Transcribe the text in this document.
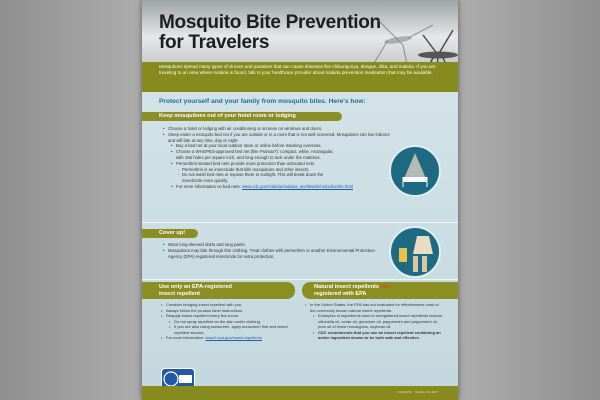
Mosquito Bite Prevention
for Travelers
Mosquitoes spread many types of viruses and parasites that can cause diseases like chikungunya, dengue, Zika, and malaria. If you are traveling to an area where malaria is found, talk to your healthcare provider about malaria prevention medication that may be available.
Protect yourself and your family from mosquito bites. Here's how:
Keep mosquitoes out of your hotel room or lodging
• Choose a hotel or lodging with air conditioning or screens on windows and doors.
• Sleep under a mosquito bed net if you are outside or in a room that is not well screened. Mosquitoes can live indoors and will bite at any time, day or night.
• Buy a bed net at your local outdoor store or online before traveling overseas.
• Choose a WHOPES-approved bed net (like Pramax*): compact, white, rectangular, with 156 holes per square inch, and long enough to tuck under the mattress.
• Permethrin-treated bed nets provide more protection than untreated nets.
- Permethrin is an insecticide that kills mosquitoes and other insects.
- Do not wash bed nets or expose them to sunlight. This will break down the insecticide more quickly.
• For more information on bed nets: www.cdc.gov/malaria/malaria_worldwide/reduction/itn.html
Cover up!
• Wear long-sleeved shirts and long pants.
• Mosquitoes may bite through thin clothing. Treat clothes with permethrin or another Environmental Protection Agency (EPA) registered insecticide for extra protection.
Use only an EPA-registered
insect repellent
• Consider bringing insect repellent with you.
• Always follow the product label instructions.
• Reapply insect repellent every few hours.
• Do not spray repellent on the skin under clothing.
• If you are also using sunscreen, apply sunscreen first and insect repellent second.
• For more information: www2.epa.gov/insect-repellents
Natural insect repellents not
registered with EPA
• In the United States, the EPA has not evaluated for effectiveness most of the commonly known natural insect repellents.
• Examples of ingredients used in unregistered insect repellents include: citronella oil, cedar oil, geranium oil, peppermint and peppermint oil, pure oil of lemon eucalyptus, soybean oil.
• CDC recommends that you use an insect repellent containing an active ingredient shown to be both safe and effective.
CS123456 October 26, 2017
